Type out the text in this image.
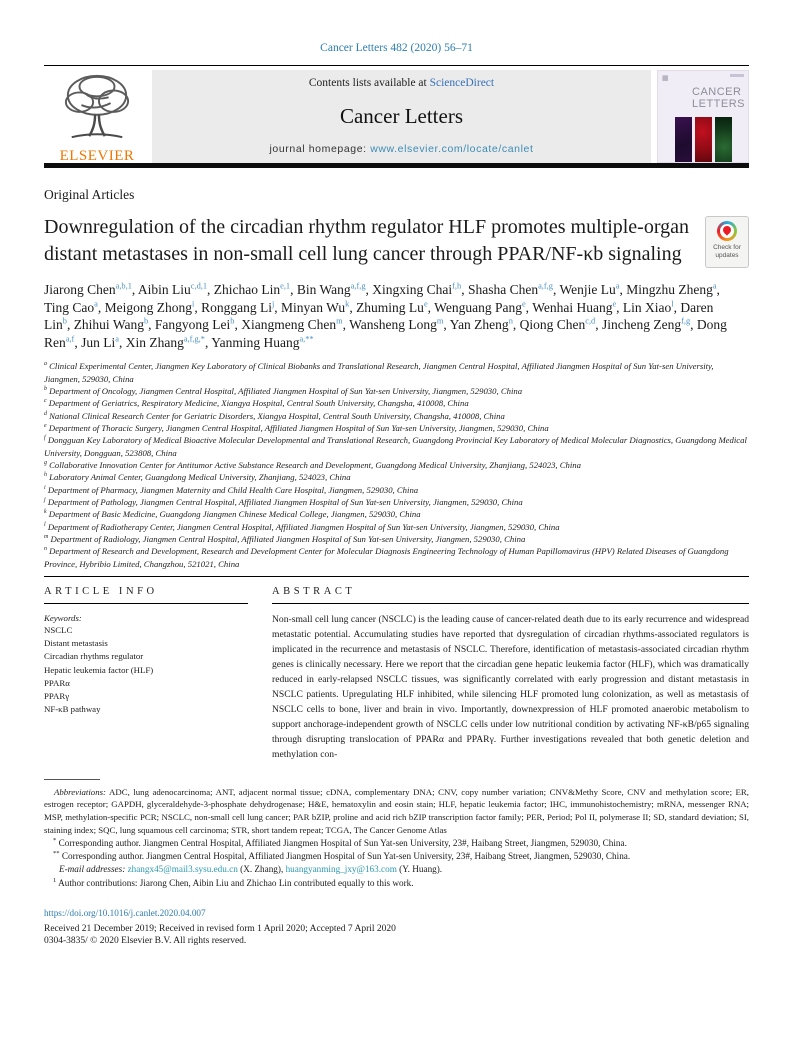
Cancer Letters 482 (2020) 56–71
ELSEVIER
Contents lists available at ScienceDirect
Cancer Letters
journal homepage: www.elsevier.com/locate/canlet
▦
CANCER
LETTERS
Original Articles
Downregulation of the circadian rhythm regulator HLF promotes multiple-organ distant metastases in non-small cell lung cancer through PPAR/NF-κb signaling	Check for updates
Jiarong Chen$^{a,b,1}$, Aibin Liu$^{c,d,1}$, Zhichao Lin$^{e,1}$, Bin Wang$^{a,f,g}$, Xingxing Chai$^{f,h}$, Shasha Chen$^{a,f,g}$, Wenjie Lu$^a$, Mingzhu Zheng$^a$, Ting Cao$^a$, Meigong Zhong$^i$, Ronggang Li$^j$, Minyan Wu$^k$, Zhuming Lu$^e$, Wenguang Pang$^e$, Wenhai Huang$^e$, Lin Xiao$^l$, Daren Lin$^b$, Zhihui Wang$^b$, Fangyong Lei$^b$, Xiangmeng Chen$^m$, Wansheng Long$^m$, Yan Zheng$^n$, Qiong Chen$^{c,d}$, Jincheng Zeng$^{f,g}$, Dong Ren$^{a,f}$, Jun Li$^a$, Xin Zhang$^{a,f,g,*}$, Yanming Huang$^{a,**}$
$^a$ Clinical Experimental Center, Jiangmen Key Laboratory of Clinical Biobanks and Translational Research, Jiangmen Central Hospital, Affiliated Jiangmen Hospital of Sun Yat-sen University, Jiangmen, 529030, China
$^b$ Department of Oncology, Jiangmen Central Hospital, Affiliated Jiangmen Hospital of Sun Yat-sen University, Jiangmen, 529030, China
$^c$ Department of Geriatrics, Respiratory Medicine, Xiangya Hospital, Central South University, Changsha, 410008, China
$^d$ National Clinical Research Center for Geriatric Disorders, Xiangya Hospital, Central South University, Changsha, 410008, China
$^e$ Department of Thoracic Surgery, Jiangmen Central Hospital, Affiliated Jiangmen Hospital of Sun Yat-sen University, Jiangmen, 529030, China
$^f$ Dongguan Key Laboratory of Medical Bioactive Molecular Developmental and Translational Research, Guangdong Provincial Key Laboratory of Medical Molecular Diagnostics, Guangdong Medical University, Dongguan, 523808, China
$^g$ Collaborative Innovation Center for Antitumor Active Substance Research and Development, Guangdong Medical University, Zhanjiang, 524023, China
$^h$ Laboratory Animal Center, Guangdong Medical University, Zhanjiang, 524023, China
$^i$ Department of Pharmacy, Jiangmen Maternity and Child Health Care Hospital, Jiangmen, 529030, China
$^j$ Department of Pathology, Jiangmen Central Hospital, Affiliated Jiangmen Hospital of Sun Yat-sen University, Jiangmen, 529030, China
$^k$ Department of Basic Medicine, Guangdong Jiangmen Chinese Medical College, Jiangmen, 529030, China
$^l$ Department of Radiotherapy Center, Jiangmen Central Hospital, Affiliated Jiangmen Hospital of Sun Yat-sen University, Jiangmen, 529030, China
$^m$ Department of Radiology, Jiangmen Central Hospital, Affiliated Jiangmen Hospital of Sun Yat-sen University, Jiangmen, 529030, China
$^n$ Department of Research and Development, Research and Development Center for Molecular Diagnosis Engineering Technology of Human Papillomavirus (HPV) Related Diseases of Guangdong Province, Hybribio Limited, Changzhou, 521021, China
ARTICLE INFO
Keywords:
NSCLC
Distant metastasis
Circadian rhythms regulator
Hepatic leukemia factor (HLF)
PPARα
PPARγ
NF-κB pathway
ABSTRACT

Non-small cell lung cancer (NSCLC) is the leading cause of cancer-related death due to its early recurrence and widespread metastatic potential. Accumulating studies have reported that dysregulation of circadian rhythms-associated regulators is implicated in the recurrence and metastasis of NSCLC. Therefore, identification of metastasis-associated circadian rhythm genes is clinically necessary. Here we report that the circadian gene hepatic leukemia factor (HLF), which was dramatically reduced in early-relapsed NSCLC tissues, was significantly correlated with early progression and distant metastasis in NSCLC patients. Upregulating HLF inhibited, while silencing HLF promoted lung colonization, as well as metastasis of NSCLC cells to bone, liver and brain in vivo. Importantly, downexpression of HLF promoted anaerobic metabolism to support anchorage-independent growth of NSCLC cells under low nutritional condition by activating NF-κB/p65 signaling through disrupting translocation of PPARα and PPARγ. Further investigations revealed that both genetic deletion and methylation con-

Abbreviations: ADC, lung adenocarcinoma; ANT, adjacent normal tissue; cDNA, complementary DNA; CNV, copy number variation; CNV&Methy Score, CNV and methylation score; ER, estrogen receptor; GAPDH, glyceraldehyde-3-phosphate dehydrogenase; H&E, hematoxylin and eosin stain; HLF, hepatic leukemia factor; IHC, immunohistochemistry; mRNA, messenger RNA; MSP, methylation-specific PCR; NSCLC, non-small cell lung cancer; PAR bZIP, proline and acid rich bZIP transcription factor family; PER, Period; Pol II, polymerase II; SD, standard deviation; SI, staining index; SQC, lung squamous cell carcinoma; STR, short tandem repeat; TCGA, The Cancer Genome Atlas

* Corresponding author. Jiangmen Central Hospital, Affiliated Jiangmen Hospital of Sun Yat-sen University, 23#, Haibang Street, Jiangmen, 529030, China.

** Corresponding author. Jiangmen Central Hospital, Affiliated Jiangmen Hospital of Sun Yat-sen University, 23#, Haibang Street, Jiangmen, 529030, China.

E-mail addresses: zhangx45@mail3.sysu.edu.cn (X. Zhang), huangyanming_jxy@163.com (Y. Huang).

$^1$ Author contributions: Jiarong Chen, Aibin Liu and Zhichao Lin contributed equally to this work.

https://doi.org/10.1016/j.canlet.2020.04.007
Received 21 December 2019; Received in revised form 1 April 2020; Accepted 7 April 2020
0304-3835/ © 2020 Elsevier B.V. All rights reserved.
